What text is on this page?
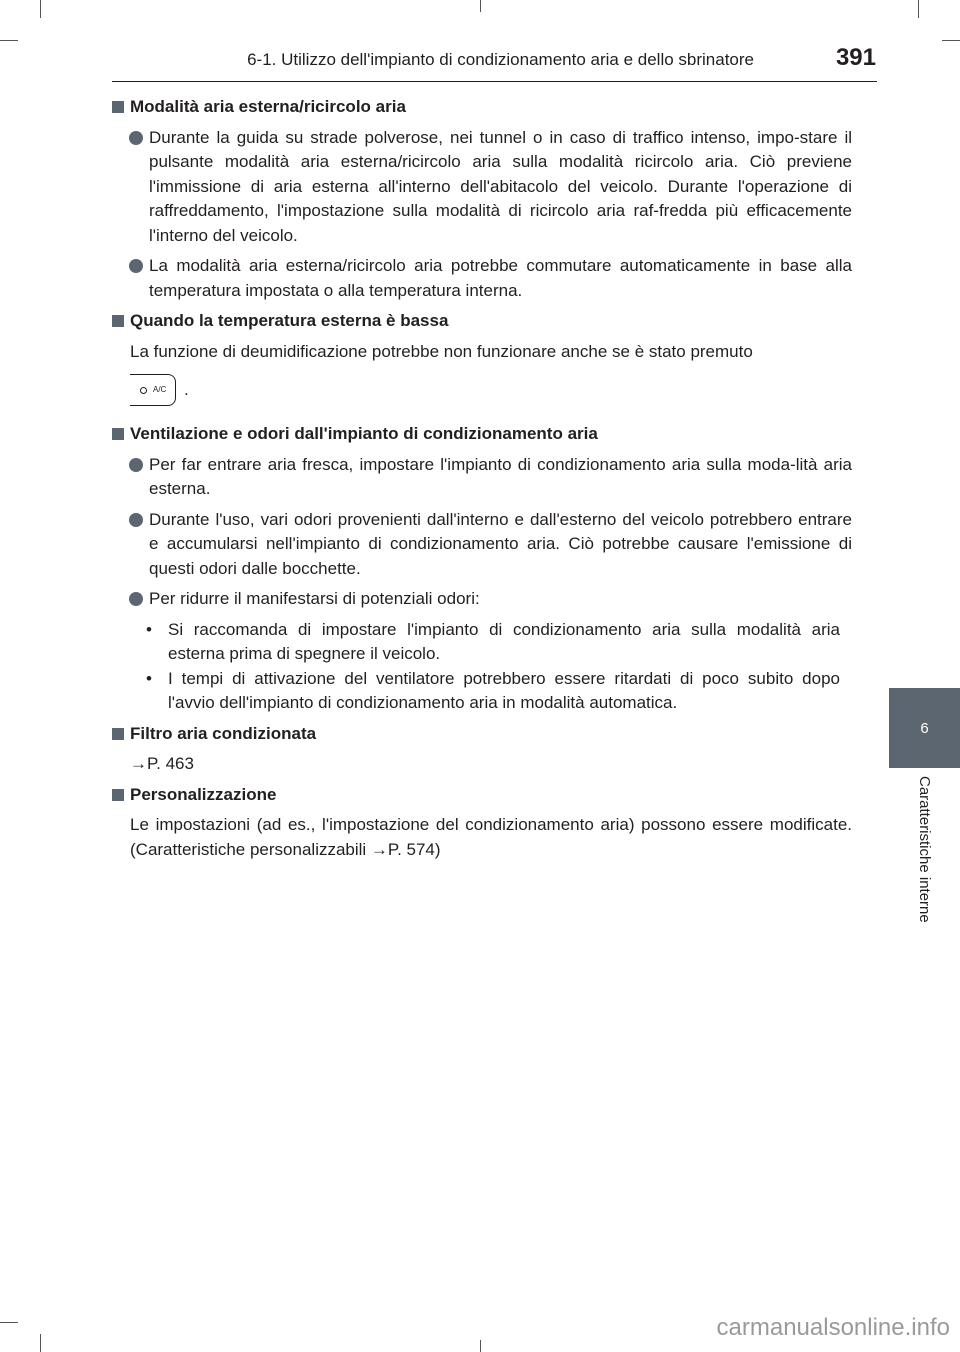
6-1. Utilizzo dell'impianto di condizionamento aria e dello sbrinatore	391
6
Caratteristiche interne
Modalità aria esterna/ricircolo aria
Durante la guida su strade polverose, nei tunnel o in caso di traffico intenso, impo-stare il pulsante modalità aria esterna/ricircolo aria sulla modalità ricircolo aria. Ciò previene l'immissione di aria esterna all'interno dell'abitacolo del veicolo. Durante l'operazione di raffreddamento, l'impostazione sulla modalità di ricircolo aria raf-fredda più efficacemente l'interno del veicolo.
La modalità aria esterna/ricircolo aria potrebbe commutare automaticamente in base alla temperatura impostata o alla temperatura interna.
Quando la temperatura esterna è bassa
La funzione di deumidificazione potrebbe non funzionare anche se è stato premuto
A/C .
Ventilazione e odori dall'impianto di condizionamento aria
Per far entrare aria fresca, impostare l'impianto di condizionamento aria sulla moda-lità aria esterna.
Durante l'uso, vari odori provenienti dall'interno e dall'esterno del veicolo potrebbero entrare e accumularsi nell'impianto di condizionamento aria. Ciò potrebbe causare l'emissione di questi odori dalle bocchette.
Per ridurre il manifestarsi di potenziali odori:
• Si raccomanda di impostare l'impianto di condizionamento aria sulla modalità aria esterna prima di spegnere il veicolo.
• I tempi di attivazione del ventilatore potrebbero essere ritardati di poco subito dopo l'avvio dell'impianto di condizionamento aria in modalità automatica.
Filtro aria condizionata
→P. 463
Personalizzazione
Le impostazioni (ad es., l'impostazione del condizionamento aria) possono essere modificate. (Caratteristiche personalizzabili →P. 574)
carmanualsonline.info
